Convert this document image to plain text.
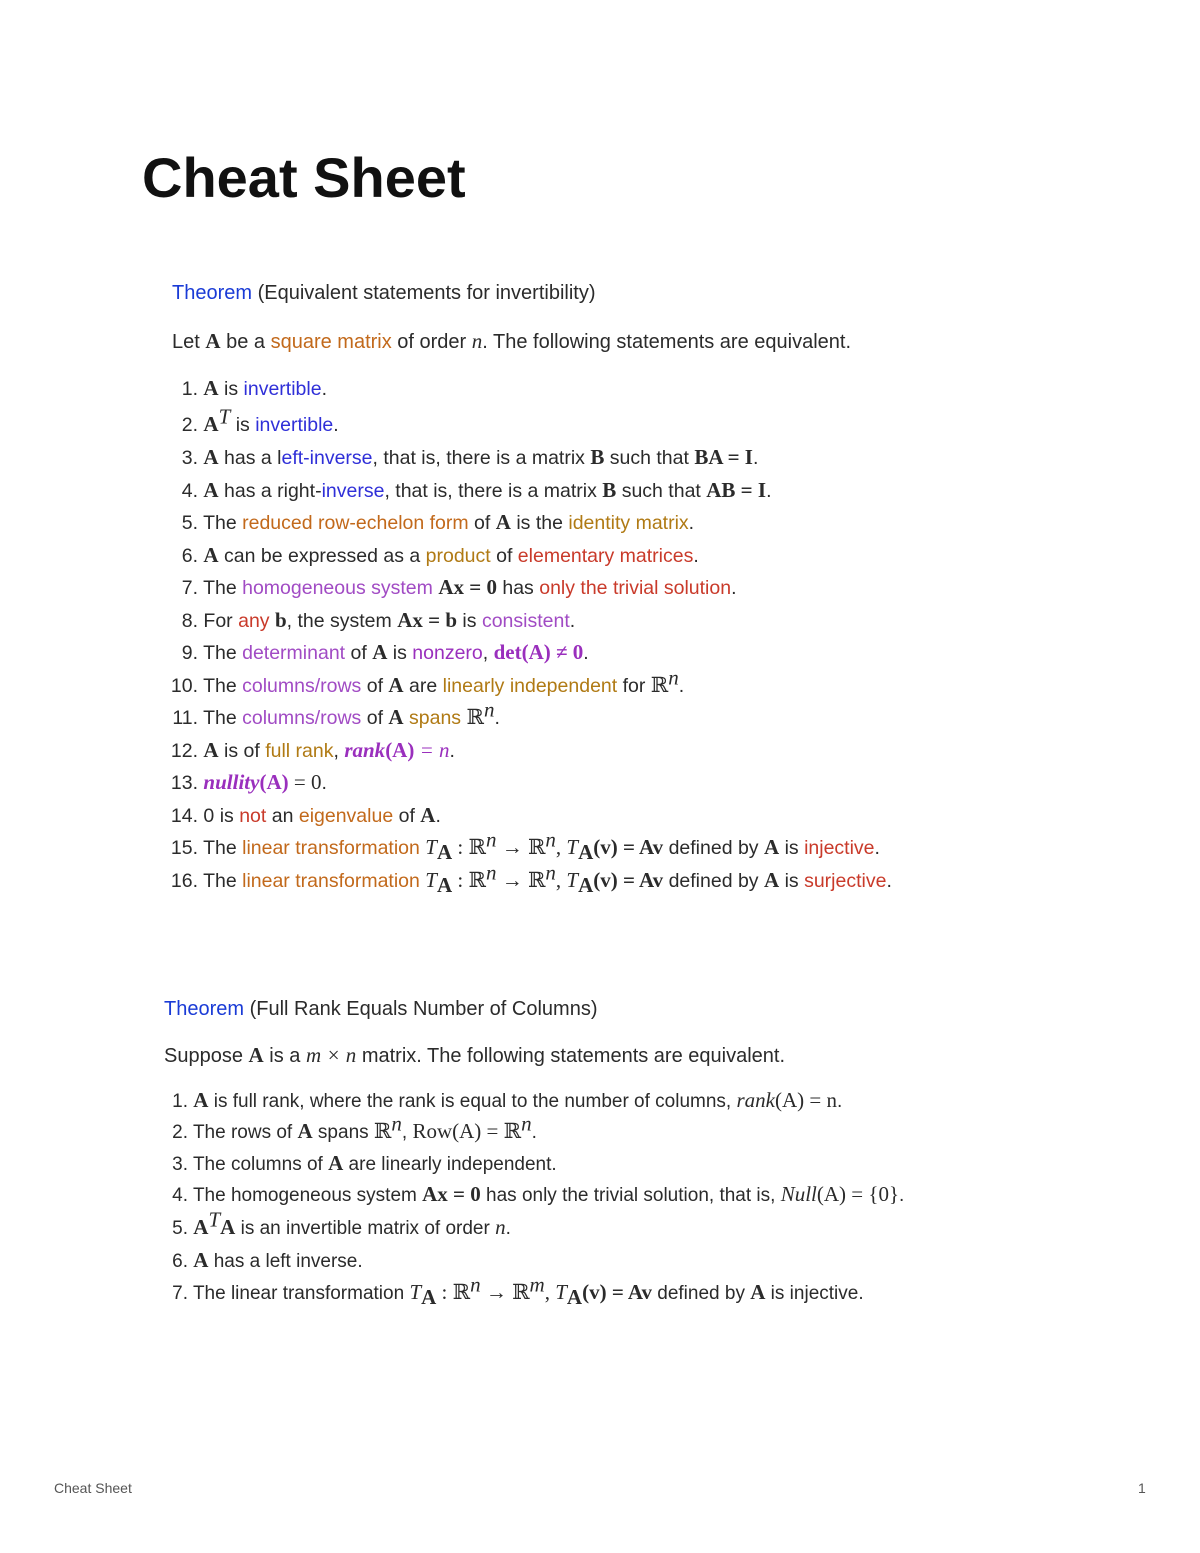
Cheat Sheet
Theorem (Equivalent statements for invertibility)
Let A be a square matrix of order n. The following statements are equivalent.
1. A is invertible.
2. $A^T$ is invertible.
3. A has a left-inverse, that is, there is a matrix B such that BA = I.
4. A has a right-inverse, that is, there is a matrix B such that AB = I.
5. The reduced row-echelon form of A is the identity matrix.
6. A can be expressed as a product of elementary matrices.
7. The homogeneous system Ax = 0 has only the trivial solution.
8. For any b, the system Ax = b is consistent.
9. The determinant of A is nonzero, det(A) ≠ 0.
10. The columns/rows of A are linearly independent for ℝ$^n$.
11. The columns/rows of A spans ℝ$^n$.
12. A is of full rank, rank(A) = n.
13. nullity(A) = 0.
14. 0 is not an eigenvalue of A.
15. The linear transformation $T_A$ : ℝ$^n$ → ℝ$^n$, $T_A(v) = Av$ defined by A is injective.
16. The linear transformation $T_A$ : ℝ$^n$ → ℝ$^n$, $T_A(v) = Av$ defined by A is surjective.
Theorem (Full Rank Equals Number of Columns)
Suppose A is a m × n matrix. The following statements are equivalent.
1. A is full rank, where the rank is equal to the number of columns, rank(A) = n.
2. The rows of A spans ℝ$^n$, Row(A) = ℝ$^n$.
3. The columns of A are linearly independent.
4. The homogeneous system Ax = 0 has only the trivial solution, that is, Null(A) = {0}.
5. $A^TA$ is an invertible matrix of order n.
6. A has a left inverse.
7. The linear transformation $T_A$ : ℝ$^n$ → ℝ$^m$, $T_A(v) = Av$ defined by A is injective.
Cheat Sheet	1
